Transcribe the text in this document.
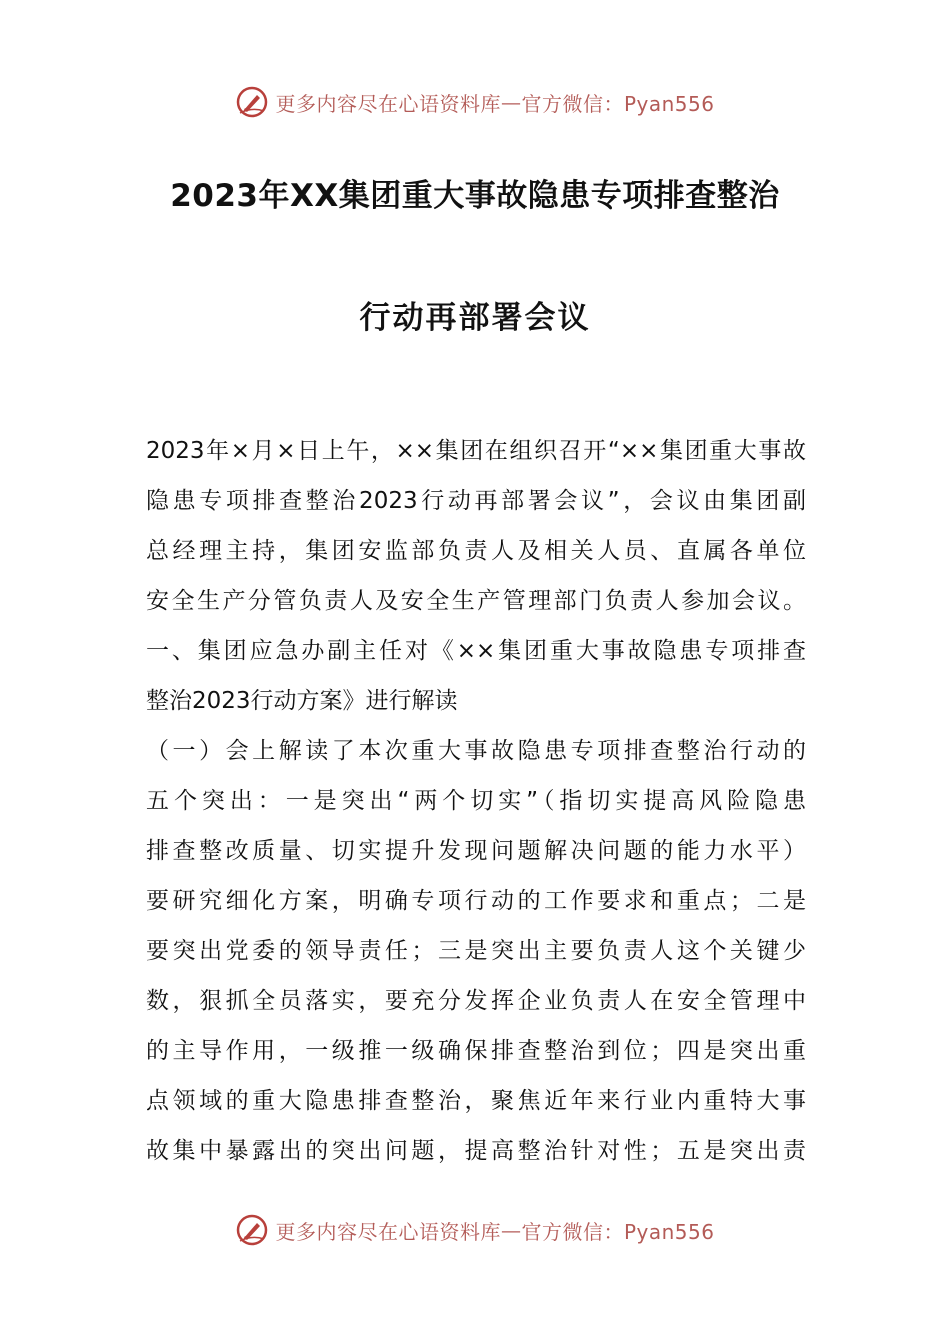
更多内容尽在心语资料库 — 官方微信：Pyan556
2023年XX集团重大事故隐患专项排查整治
行动再部署会议
2023年×月×日上午，××集团在组织召开“××集团重大事故
隐患专项排查整治2023行动再部署会议”，会议由集团副
总经理主持，集团安监部负责人及相关人员、直属各单位
安全生产分管负责人及安全生产管理部门负责人参加会议。
一、集团应急办副主任对《××集团重大事故隐患专项排查
整治2023行动方案》进行解读
（一）会上解读了本次重大事故隐患专项排查整治行动的
五个突出：一是突出“两个切实”（指切实提高风险隐患
排查整改质量、切实提升发现问题解决问题的能力水平）
要研究细化方案，明确专项行动的工作要求和重点；二是
要突出党委的领导责任；三是突出主要负责人这个关键少
数，狠抓全员落实，要充分发挥企业负责人在安全管理中
的主导作用，一级推一级确保排查整治到位；四是突出重
点领域的重大隐患排查整治，聚焦近年来行业内重特大事
故集中暴露出的突出问题，提高整治针对性；五是突出责
更多内容尽在心语资料库 — 官方微信：Pyan556
